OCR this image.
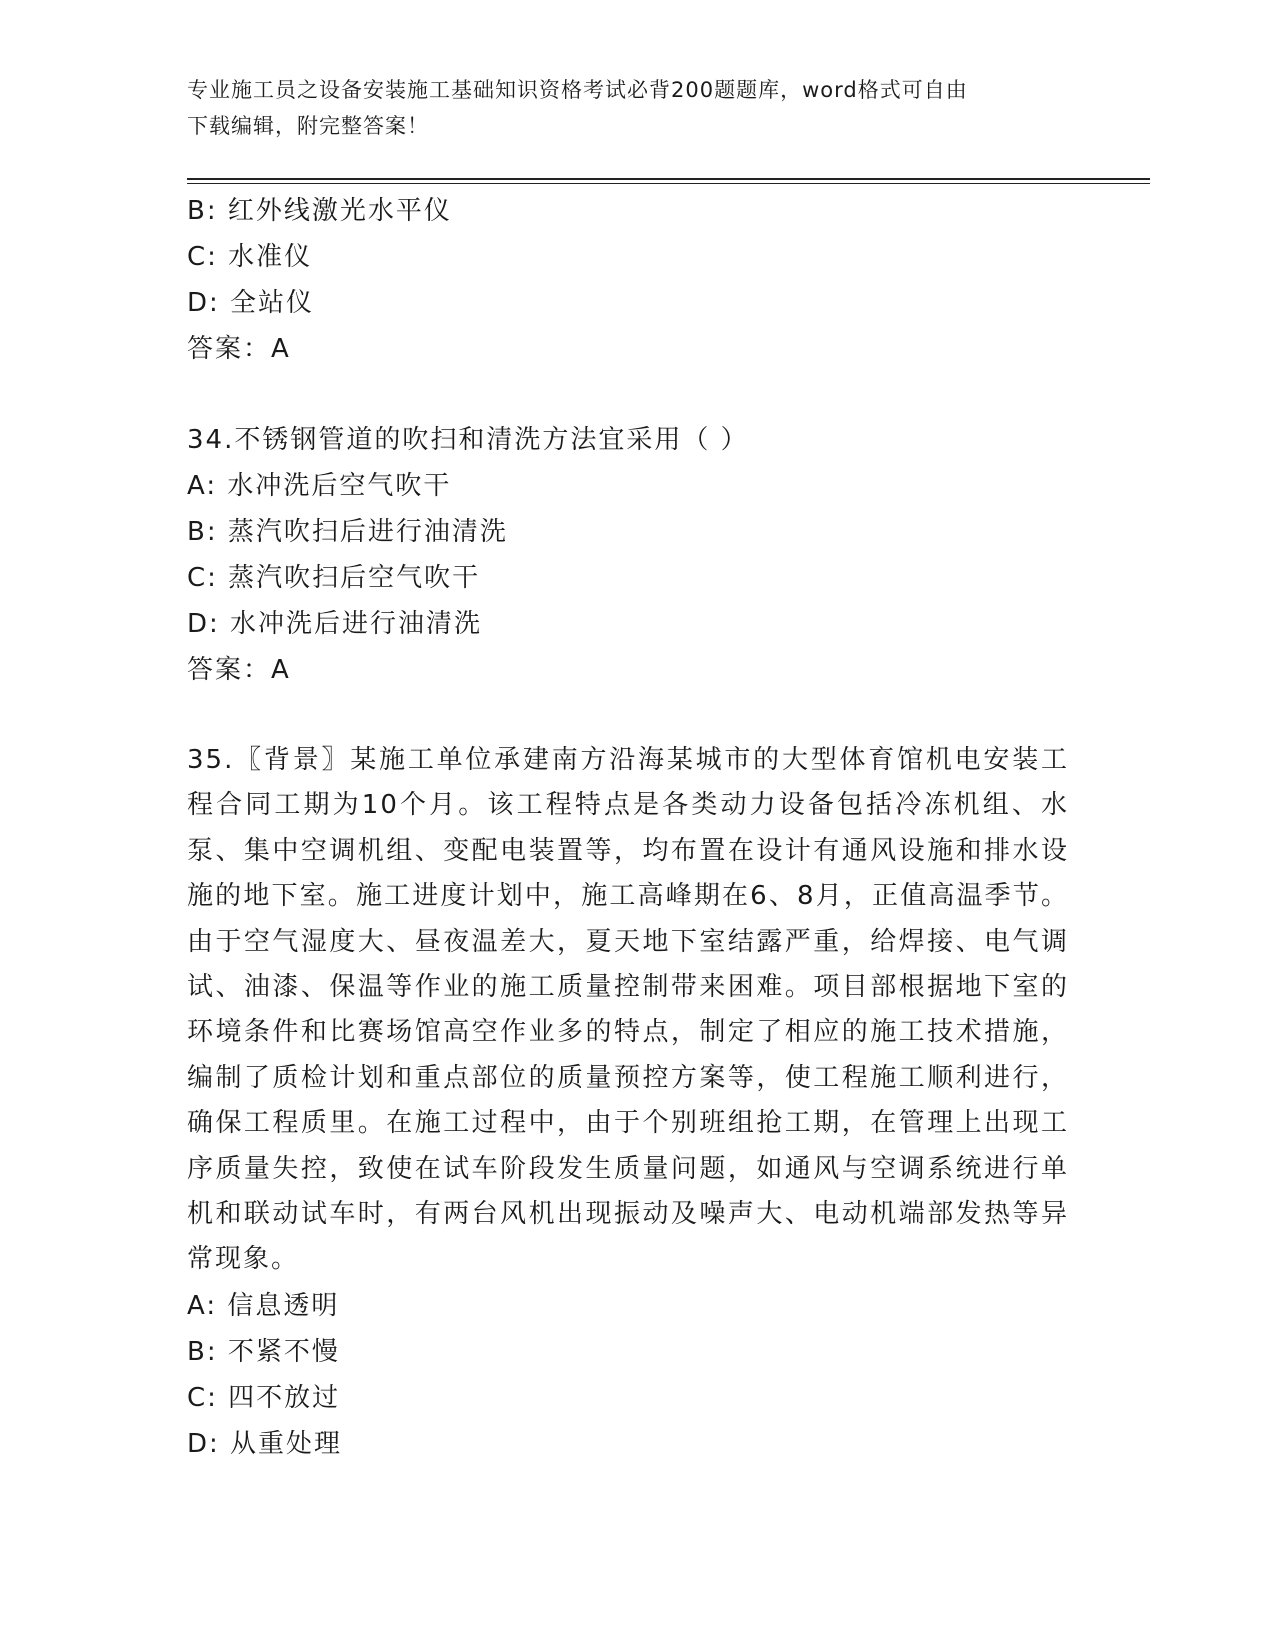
专业施工员之设备安装施工基础知识资格考试必背200题题库，word格式可自由
下载编辑，附完整答案！
B: 红外线激光水平仪
C: 水准仪
D: 全站仪
答案：A
34.不锈钢管道的吹扫和清洗方法宜采用（ ）
A: 水冲洗后空气吹干
B: 蒸汽吹扫后进行油清洗
C: 蒸汽吹扫后空气吹干
D: 水冲洗后进行油清洗
答案：A
35.〖背景〗某施工单位承建南方沿海某城市的大型体育馆机电安装工程合同工期为10个月。该工程特点是各类动力设备包括冷冻机组、水泵、集中空调机组、变配电装置等，均布置在设计有通风设施和排水设施的地下室。施工进度计划中，施工高峰期在6、8月，正值高温季节。由于空气湿度大、昼夜温差大，夏天地下室结露严重，给焊接、电气调试、油漆、保温等作业的施工质量控制带来困难。项目部根据地下室的环境条件和比赛场馆高空作业多的特点，制定了相应的施工技术措施，编制了质检计划和重点部位的质量预控方案等，使工程施工顺利进行，确保工程质里。在施工过程中，由于个别班组抢工期，在管理上出现工序质量失控，致使在试车阶段发生质量问题，如通风与空调系统进行单机和联动试车时，有两台风机出现振动及噪声大、电动机端部发热等异常现象。
A: 信息透明
B: 不紧不慢
C: 四不放过
D: 从重处理
